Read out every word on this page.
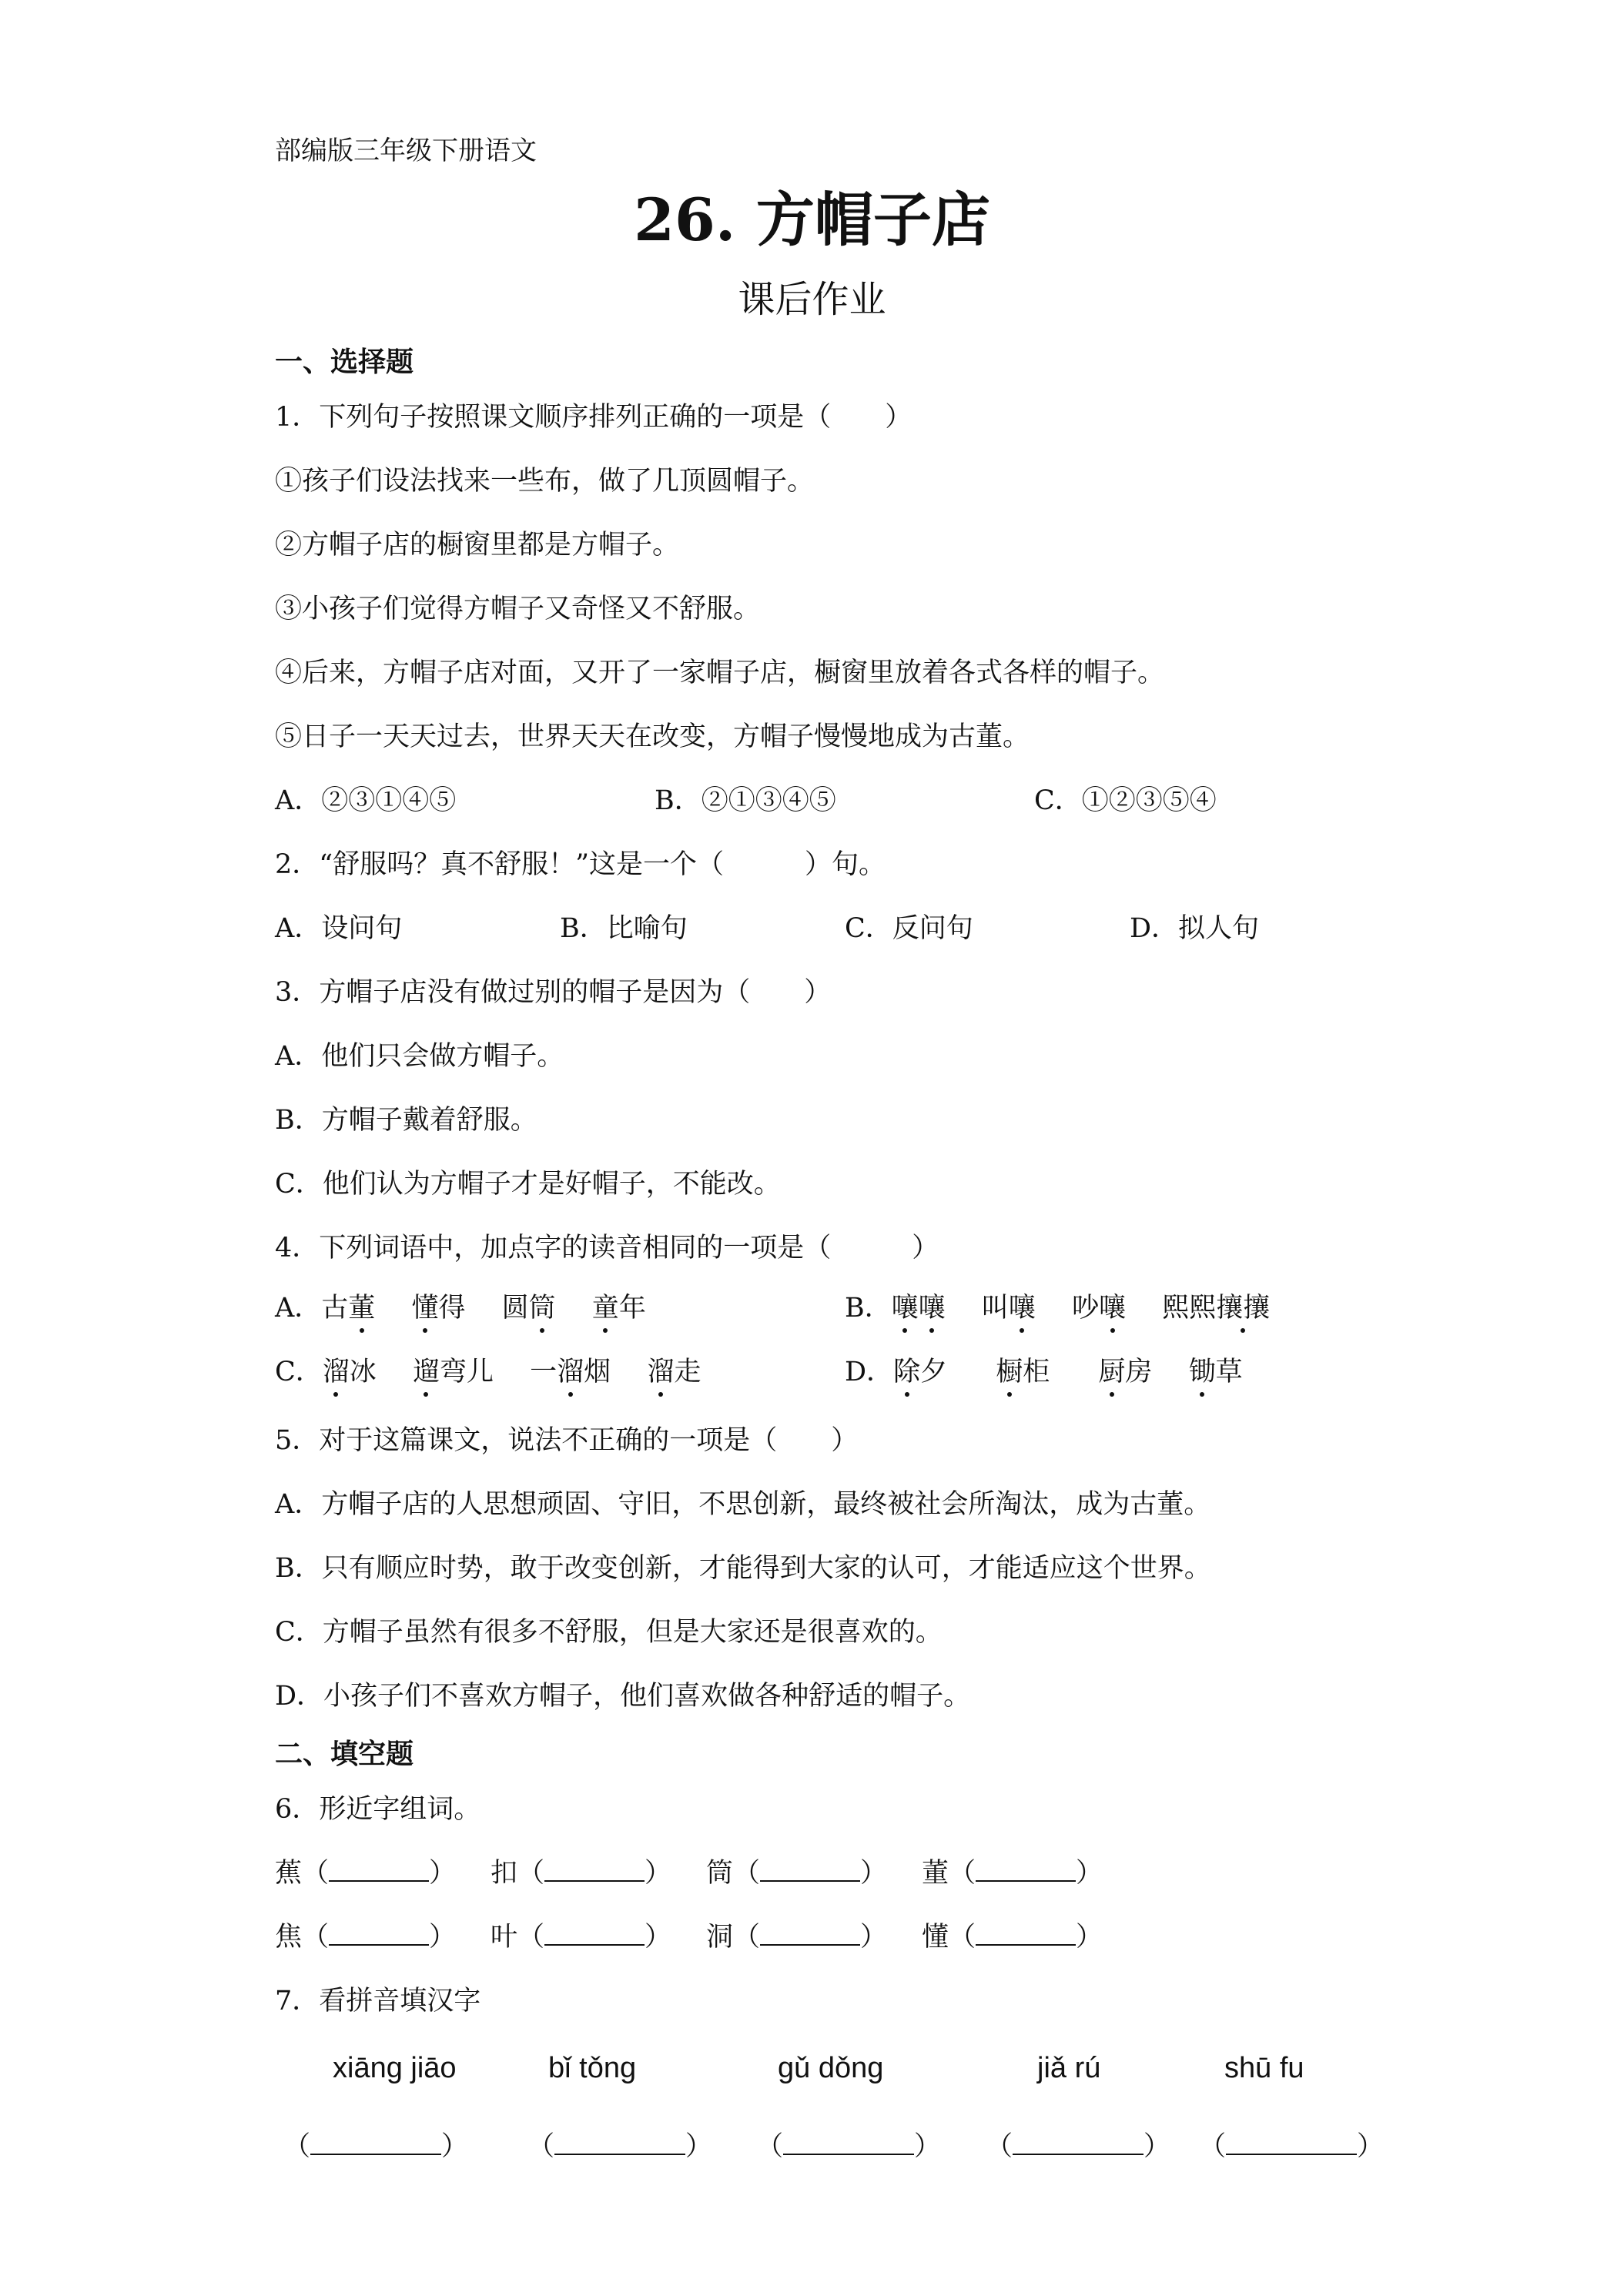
部编版三年级下册语文
26. 方帽子店
课后作业
一、选择题
1．下列句子按照课文顺序排列正确的一项是（　　）
①孩子们设法找来一些布，做了几顶圆帽子。
②方帽子店的橱窗里都是方帽子。
③小孩子们觉得方帽子又奇怪又不舒服。
④后来，方帽子店对面，又开了一家帽子店，橱窗里放着各式各样的帽子。
⑤日子一天天过去，世界天天在改变，方帽子慢慢地成为古董。
A．②③①④⑤	B．②①③④⑤	C．①②③⑤④
2．“舒服吗？真不舒服！”这是一个（　　　）句。
A．设问句	B．比喻句	C．反问句	D．拟人句
3．方帽子店没有做过别的帽子是因为（　　）
A．他们只会做方帽子。
B．方帽子戴着舒服。
C．他们认为方帽子才是好帽子，不能改。
4．下列词语中，加点字的读音相同的一项是（　　　）
A．古董 懂得 圆筒 童年	B．嚷嚷 叫嚷 吵嚷 熙熙攘攘
C．溜冰 遛弯儿 一溜烟 溜走	D．除夕 橱柜 厨房 锄草
5．对于这篇课文，说法不正确的一项是（　　）
A．方帽子店的人思想顽固、守旧，不思创新，最终被社会所淘汰，成为古董。
B．只有顺应时势，敢于改变创新，才能得到大家的认可，才能适应这个世界。
C．方帽子虽然有很多不舒服，但是大家还是很喜欢的。
D．小孩子们不喜欢方帽子，他们喜欢做各种舒适的帽子。
二、填空题
6．形近字组词。
蕉（	） 扣（	） 筒（	） 董（	）
焦（	） 叶（	） 洞（	） 懂（	）
7．看拼音填汉字
xiāng jiāo	bǐ tǒng	gǔ dǒng	jiǎ rú	shū fu
（	） （	） （	） （	） （	）
